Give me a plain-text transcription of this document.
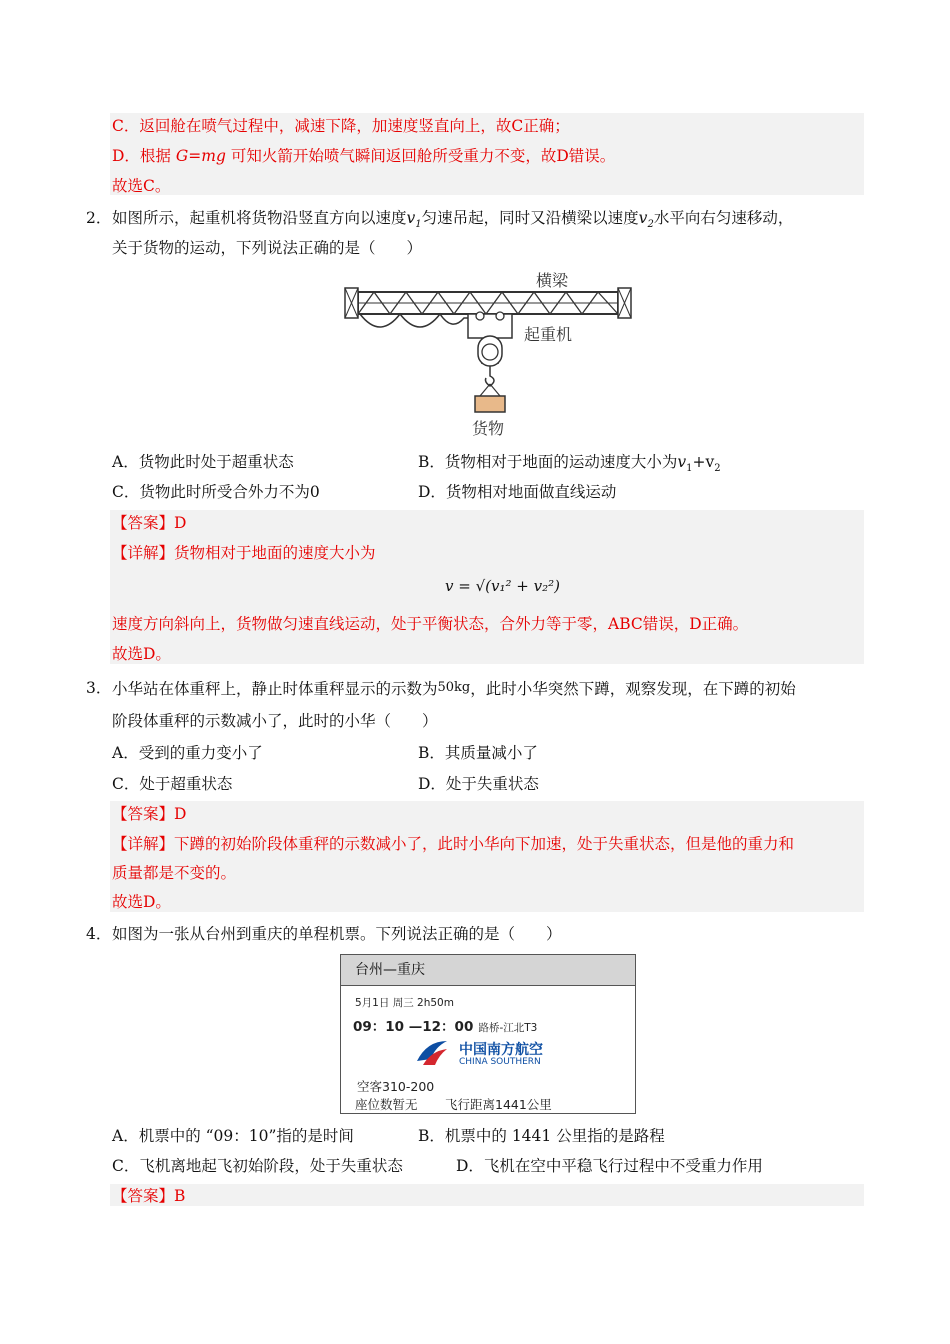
C．返回舱在喷气过程中，减速下降，加速度竖直向上，故C正确；
D．根据 G=mg 可知火箭开始喷气瞬间返回舱所受重力不变，故D错误。
故选C。
2． 如图所示，起重机将货物沿竖直方向以速度$v_1$匀速吊起，同时又沿横梁以速度$v_2$水平向右匀速移动，
关于货物的运动，下列说法正确的是（　　）
横梁
起重机
货物
A．货物此时处于超重状态	B．货物相对于地面的运动速度大小为$v_1+v_2$
C．货物此时所受合外力不为0	D．货物相对地面做直线运动
【答案】D
【详解】货物相对于地面的速度大小为
v = √(v₁² + v₂²)
速度方向斜向上，货物做匀速直线运动，处于平衡状态，合外力等于零，ABC错误，D正确。
故选D。
3． 小华站在体重秤上，静止时体重秤显示的示数为50kg，此时小华突然下蹲，观察发现，在下蹲的初始
阶段体重秤的示数减小了，此时的小华（　　）
A．受到的重力变小了	B．其质量减小了
C．处于超重状态	D．处于失重状态
【答案】D
【详解】下蹲的初始阶段体重秤的示数减小了，此时小华向下加速，处于失重状态，但是他的重力和
质量都是不变的。
故选D。
4． 如图为一张从台州到重庆的单程机票。下列说法正确的是（　　）
台州—重庆
5月1日 周三 2h50m
09：10 —12：00 路桥-江北T3
中国南方航空
CHINA SOUTHERN
空客310-200
座位数暂无 飞行距离1441公里
A．机票中的 “09：10”指的是时间	B．机票中的 1441 公里指的是路程
C．飞机离地起飞初始阶段，处于失重状态	D．飞机在空中平稳飞行过程中不受重力作用
【答案】B
